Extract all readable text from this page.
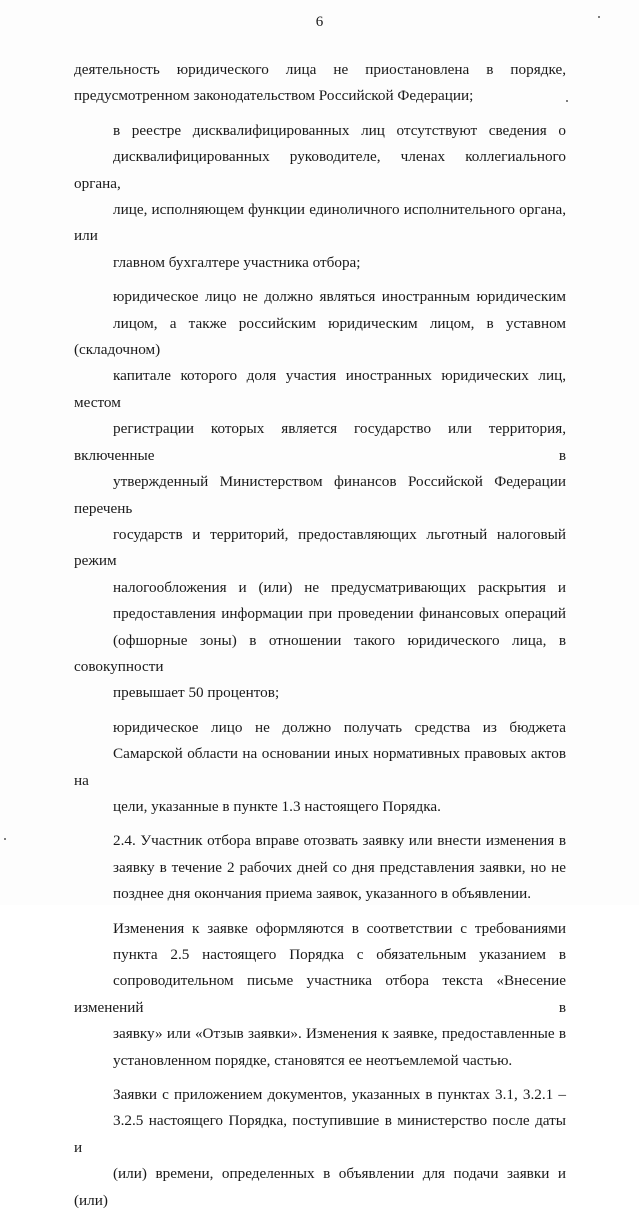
6

деятельность юридического лица не приостановлена в порядке,
предусмотренном законодательством Российской Федерации;

в реестре дисквалифицированных лиц отсутствуют сведения о
дисквалифицированных руководителе, членах коллегиального органа,
лице, исполняющем функции единоличного исполнительного органа, или
главном бухгалтере участника отбора;

юридическое лицо не должно являться иностранным юридическим
лицом, а также российским юридическим лицом, в уставном (складочном)
капитале которого доля участия иностранных юридических лиц, местом
регистрации которых является государство или территория, включенные в
утвержденный Министерством финансов Российской Федерации перечень
государств и территорий, предоставляющих льготный налоговый режим
налогообложения и (или) не предусматривающих раскрытия и
предоставления информации при проведении финансовых операций
(офшорные зоны) в отношении такого юридического лица, в совокупности
превышает 50 процентов;

юридическое лицо не должно получать средства из бюджета
Самарской области на основании иных нормативных правовых актов на
цели, указанные в пункте 1.3 настоящего Порядка.

2.4. Участник отбора вправе отозвать заявку или внести изменения в
заявку в течение 2 рабочих дней со дня представления заявки, но не
позднее дня окончания приема заявок, указанного в объявлении.

Изменения к заявке оформляются в соответствии с требованиями
пункта 2.5 настоящего Порядка с обязательным указанием в
сопроводительном письме участника отбора текста «Внесение изменений в
заявку» или «Отзыв заявки». Изменения к заявке, предоставленные в
установленном порядке, становятся ее неотъемлемой частью.

Заявки с приложением документов, указанных в пунктах 3.1, 3.2.1 –
3.2.5 настоящего Порядка, поступившие в министерство после даты и
(или) времени, определенных в объявлении для подачи заявки и (или)
